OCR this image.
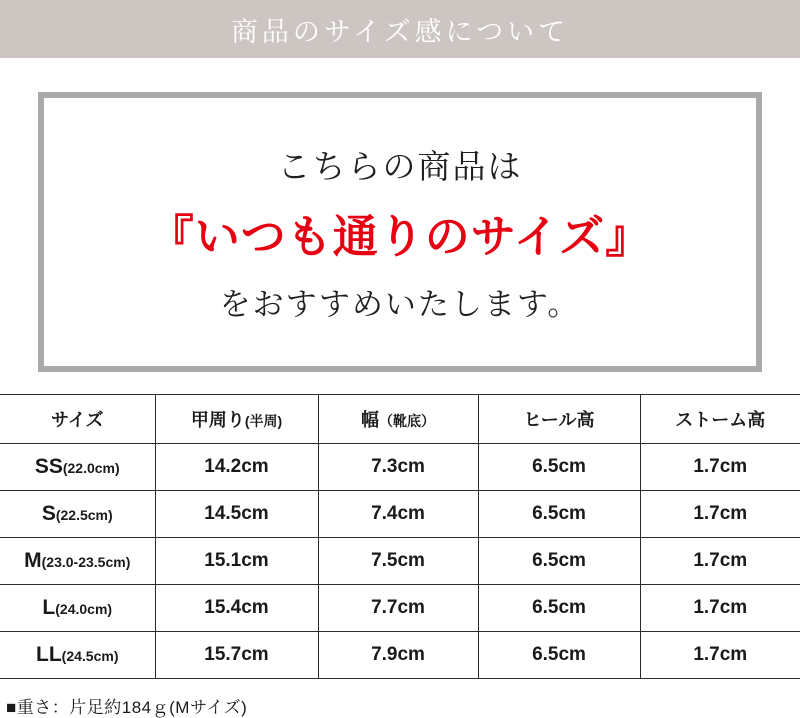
商品のサイズ感について
こちらの商品は
『いつも通りのサイズ』
をおすすめいたします。
サイズ	甲周り(半周)	幅（靴底）	ヒール高	ストーム高
SS(22.0cm)	14.2cm	7.3cm	6.5cm	1.7cm
S(22.5cm)	14.5cm	7.4cm	6.5cm	1.7cm
M(23.0-23.5cm)	15.1cm	7.5cm	6.5cm	1.7cm
L(24.0cm)	15.4cm	7.7cm	6.5cm	1.7cm
LL(24.5cm)	15.7cm	7.9cm	6.5cm	1.7cm
■重さ：片足約184ｇ(Mサイズ)
